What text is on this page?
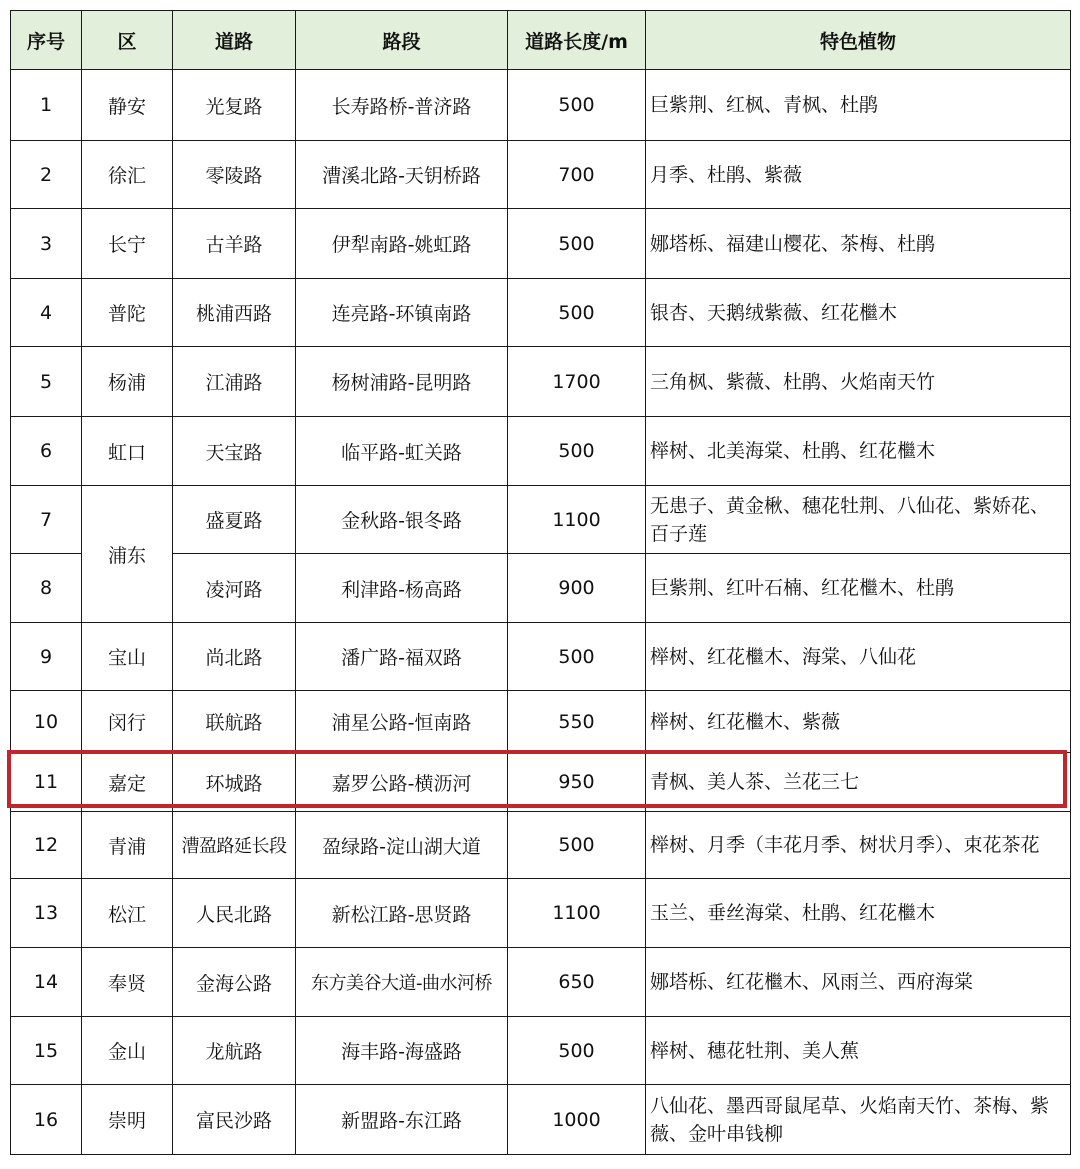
序号	区	道路	路段	道路长度/m	特色植物
1	静安	光复路	长寿路桥-普济路	500	巨紫荆、红枫、青枫、杜鹃
2	徐汇	零陵路	漕溪北路-天钥桥路	700	月季、杜鹃、紫薇
3	长宁	古羊路	伊犁南路-姚虹路	500	娜塔栎、福建山樱花、茶梅、杜鹃
4	普陀	桃浦西路	连亮路-环镇南路	500	银杏、天鹅绒紫薇、红花檵木
5	杨浦	江浦路	杨树浦路-昆明路	1700	三角枫、紫薇、杜鹃、火焰南天竹
6	虹口	天宝路	临平路-虹关路	500	榉树、北美海棠、杜鹃、红花檵木
7	浦东	盛夏路	金秋路-银冬路	1100	无患子、黄金楸、穗花牡荆、八仙花、紫娇花、百子莲
8		凌河路	利津路-杨高路	900	巨紫荆、红叶石楠、红花檵木、杜鹃
9	宝山	尚北路	潘广路-福双路	500	榉树、红花檵木、海棠、八仙花
10	闵行	联航路	浦星公路-恒南路	550	榉树、红花檵木、紫薇
11	嘉定	环城路	嘉罗公路-横沥河	950	青枫、美人茶、兰花三七
12	青浦	漕盈路延长段	盈绿路-淀山湖大道	500	榉树、月季（丰花月季、树状月季）、束花茶花
13	松江	人民北路	新松江路-思贤路	1100	玉兰、垂丝海棠、杜鹃、红花檵木
14	奉贤	金海公路	东方美谷大道-曲水河桥	650	娜塔栎、红花檵木、风雨兰、西府海棠
15	金山	龙航路	海丰路-海盛路	500	榉树、穗花牡荆、美人蕉
16	崇明	富民沙路	新盟路-东江路	1000	八仙花、墨西哥鼠尾草、火焰南天竹、茶梅、紫薇、金叶串钱柳
